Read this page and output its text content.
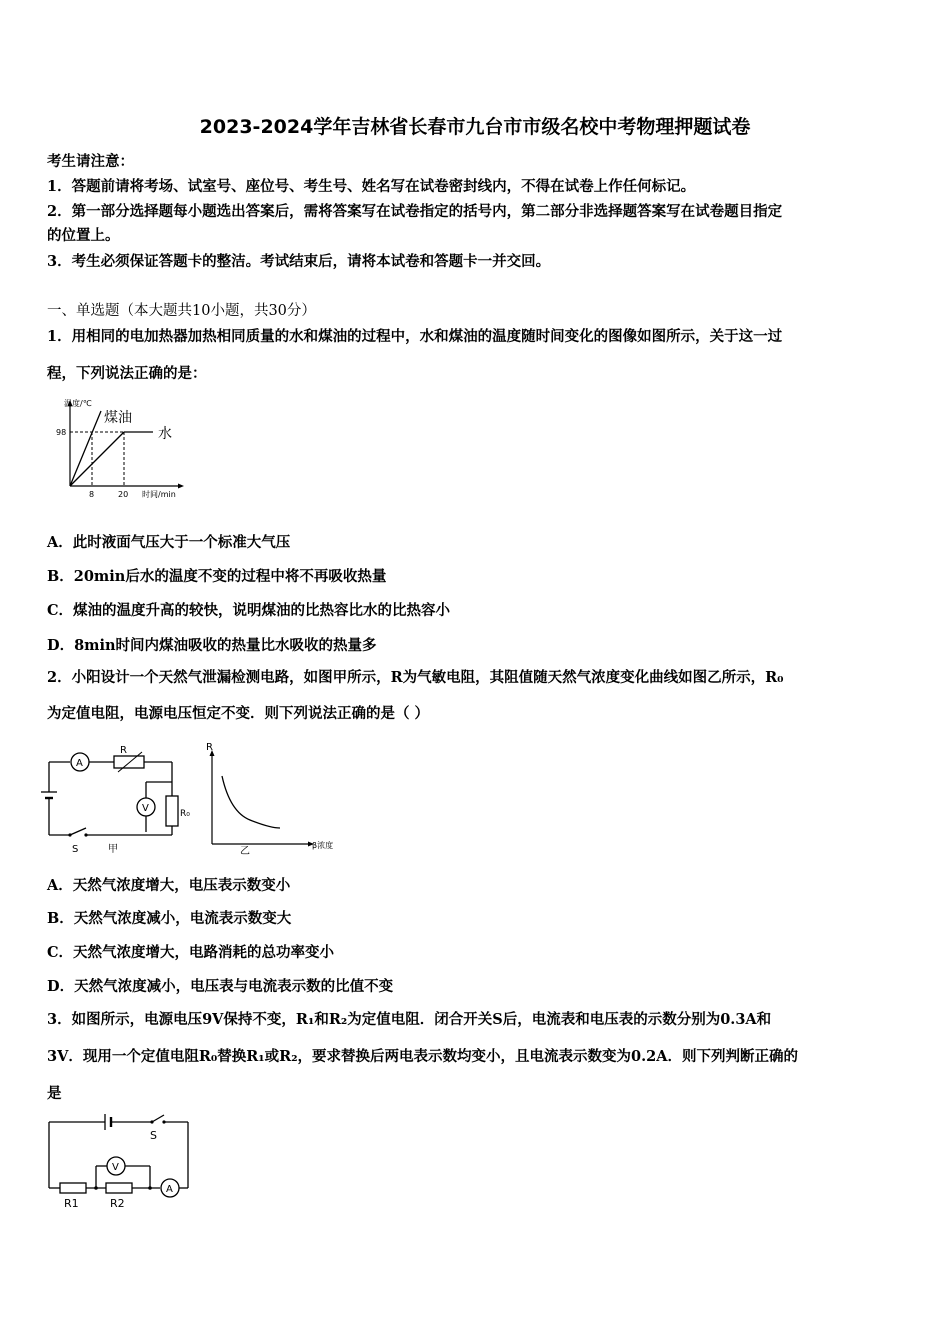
2023-2024学年吉林省长春市九台市市级名校中考物理押题试卷
考生请注意：
1．答题前请将考场、试室号、座位号、考生号、姓名写在试卷密封线内，不得在试卷上作任何标记。
2．第一部分选择题每小题选出答案后，需将答案写在试卷指定的括号内，第二部分非选择题答案写在试卷题目指定
的位置上。
3．考生必须保证答题卡的整洁。考试结束后，请将本试卷和答题卡一并交回。
一、单选题（本大题共10小题，共30分）
1．用相同的电加热器加热相同质量的水和煤油的过程中，水和煤油的温度随时间变化的图像如图所示，关于这一过
程，下列说法正确的是：
温度/℃
98
8	20 时间/min
煤油
水
A．此时液面气压大于一个标准大气压
B．20min后水的温度不变的过程中将不再吸收热量
C．煤油的温度升高的较快，说明煤油的比热容比水的比热容小
D．8min时间内煤油吸收的热量比水吸收的热量多
2．小阳设计一个天然气泄漏检测电路，如图甲所示，R为气敏电阻，其阻值随天然气浓度变化曲线如图乙所示，R₀
为定值电阻，电源电压恒定不变．则下列说法正确的是（ ）
A
R
V	R₀
S	甲
R
β浓度
乙
A．天然气浓度增大，电压表示数变小
B．天然气浓度减小，电流表示数变大
C．天然气浓度增大，电路消耗的总功率变小
D．天然气浓度减小，电压表与电流表示数的比值不变
3．如图所示，电源电压9V保持不变，R₁和R₂为定值电阻．闭合开关S后，电流表和电压表的示数分别为0.3A和
3V．现用一个定值电阻R₀替换R₁或R₂，要求替换后两电表示数均变小，且电流表示数变为0.2A．则下列判断正确的
是
S
A
V
R1	R2
